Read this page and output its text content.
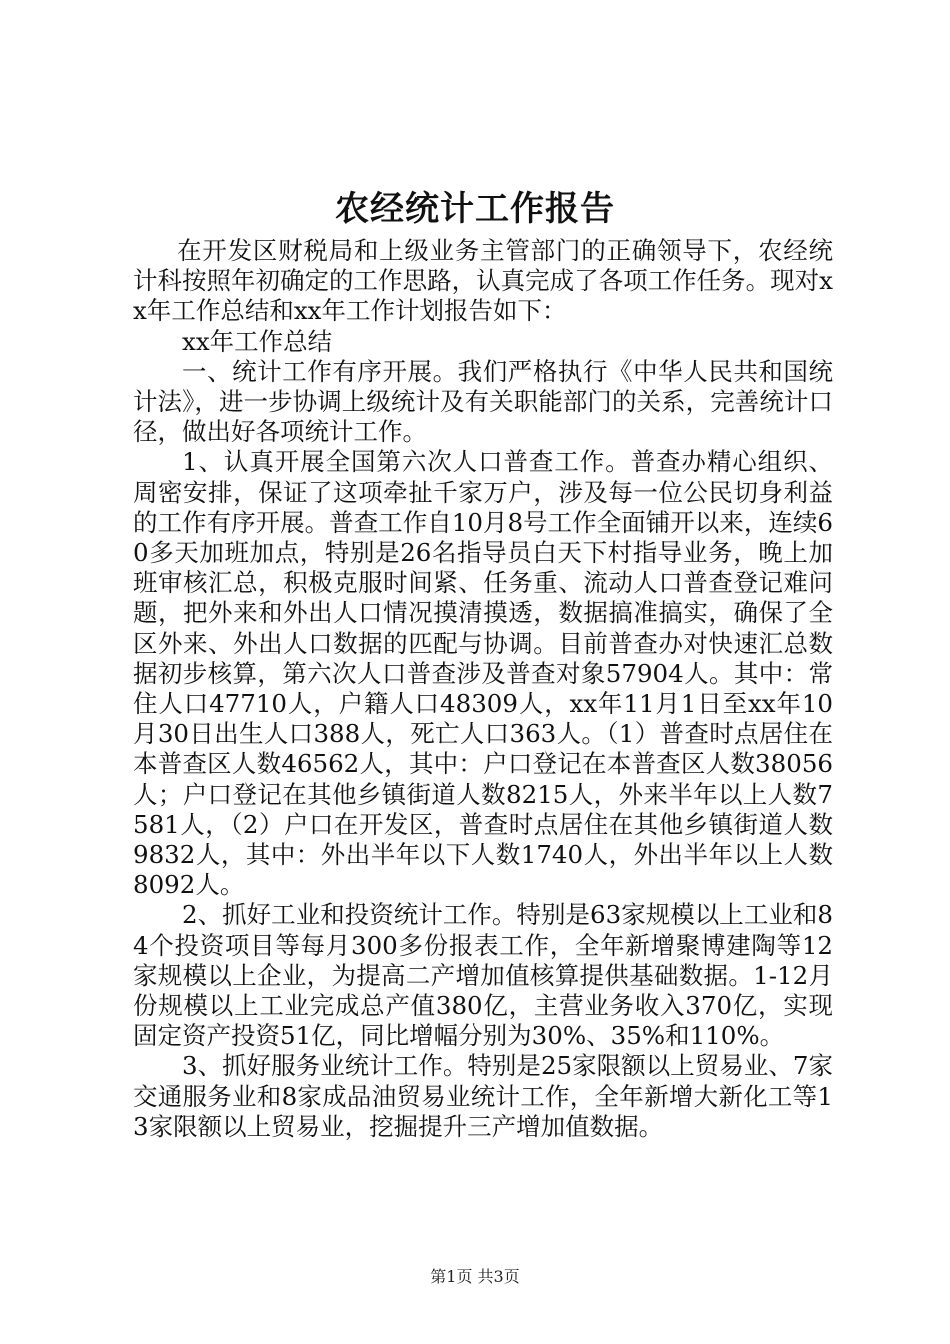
农经统计工作报告

在开发区财税局和上级业务主管部门的正确领导下，农经统计科按照年初确定的工作思路，认真完成了各项工作任务。现对xx年工作总结和xx年工作计划报告如下：

xx年工作总结

一、统计工作有序开展。我们严格执行《中华人民共和国统计法》，进一步协调上级统计及有关职能部门的关系，完善统计口径，做出好各项统计工作。

1、认真开展全国第六次人口普查工作。普查办精心组织、周密安排，保证了这项牵扯千家万户，涉及每一位公民切身利益的工作有序开展。普查工作自10月8号工作全面铺开以来，连续60多天加班加点，特别是26名指导员白天下村指导业务，晚上加班审核汇总，积极克服时间紧、任务重、流动人口普查登记难问题，把外来和外出人口情况摸清摸透，数据搞准搞实，确保了全区外来、外出人口数据的匹配与协调。目前普查办对快速汇总数据初步核算，第六次人口普查涉及普查对象57904人。其中：常住人口47710人，户籍人口48309人，xx年11月1日至xx年10月30日出生人口388人，死亡人口363人。（1）普查时点居住在本普查区人数46562人，其中：户口登记在本普查区人数38056人；户口登记在其他乡镇街道人数8215人，外来半年以上人数7581人，（2）户口在开发区，普查时点居住在其他乡镇街道人数9832人，其中：外出半年以下人数1740人，外出半年以上人数8092人。

2、抓好工业和投资统计工作。特别是63家规模以上工业和84个投资项目等每月300多份报表工作，全年新增聚博建陶等12家规模以上企业，为提高二产增加值核算提供基础数据。1-12月份规模以上工业完成总产值380亿，主营业务收入370亿，实现固定资产投资51亿，同比增幅分别为30%、35%和110%。

3、抓好服务业统计工作。特别是25家限额以上贸易业、7家交通服务业和8家成品油贸易业统计工作，全年新增大新化工等13家限额以上贸易业，挖掘提升三产增加值数据。

第1页 共3页
